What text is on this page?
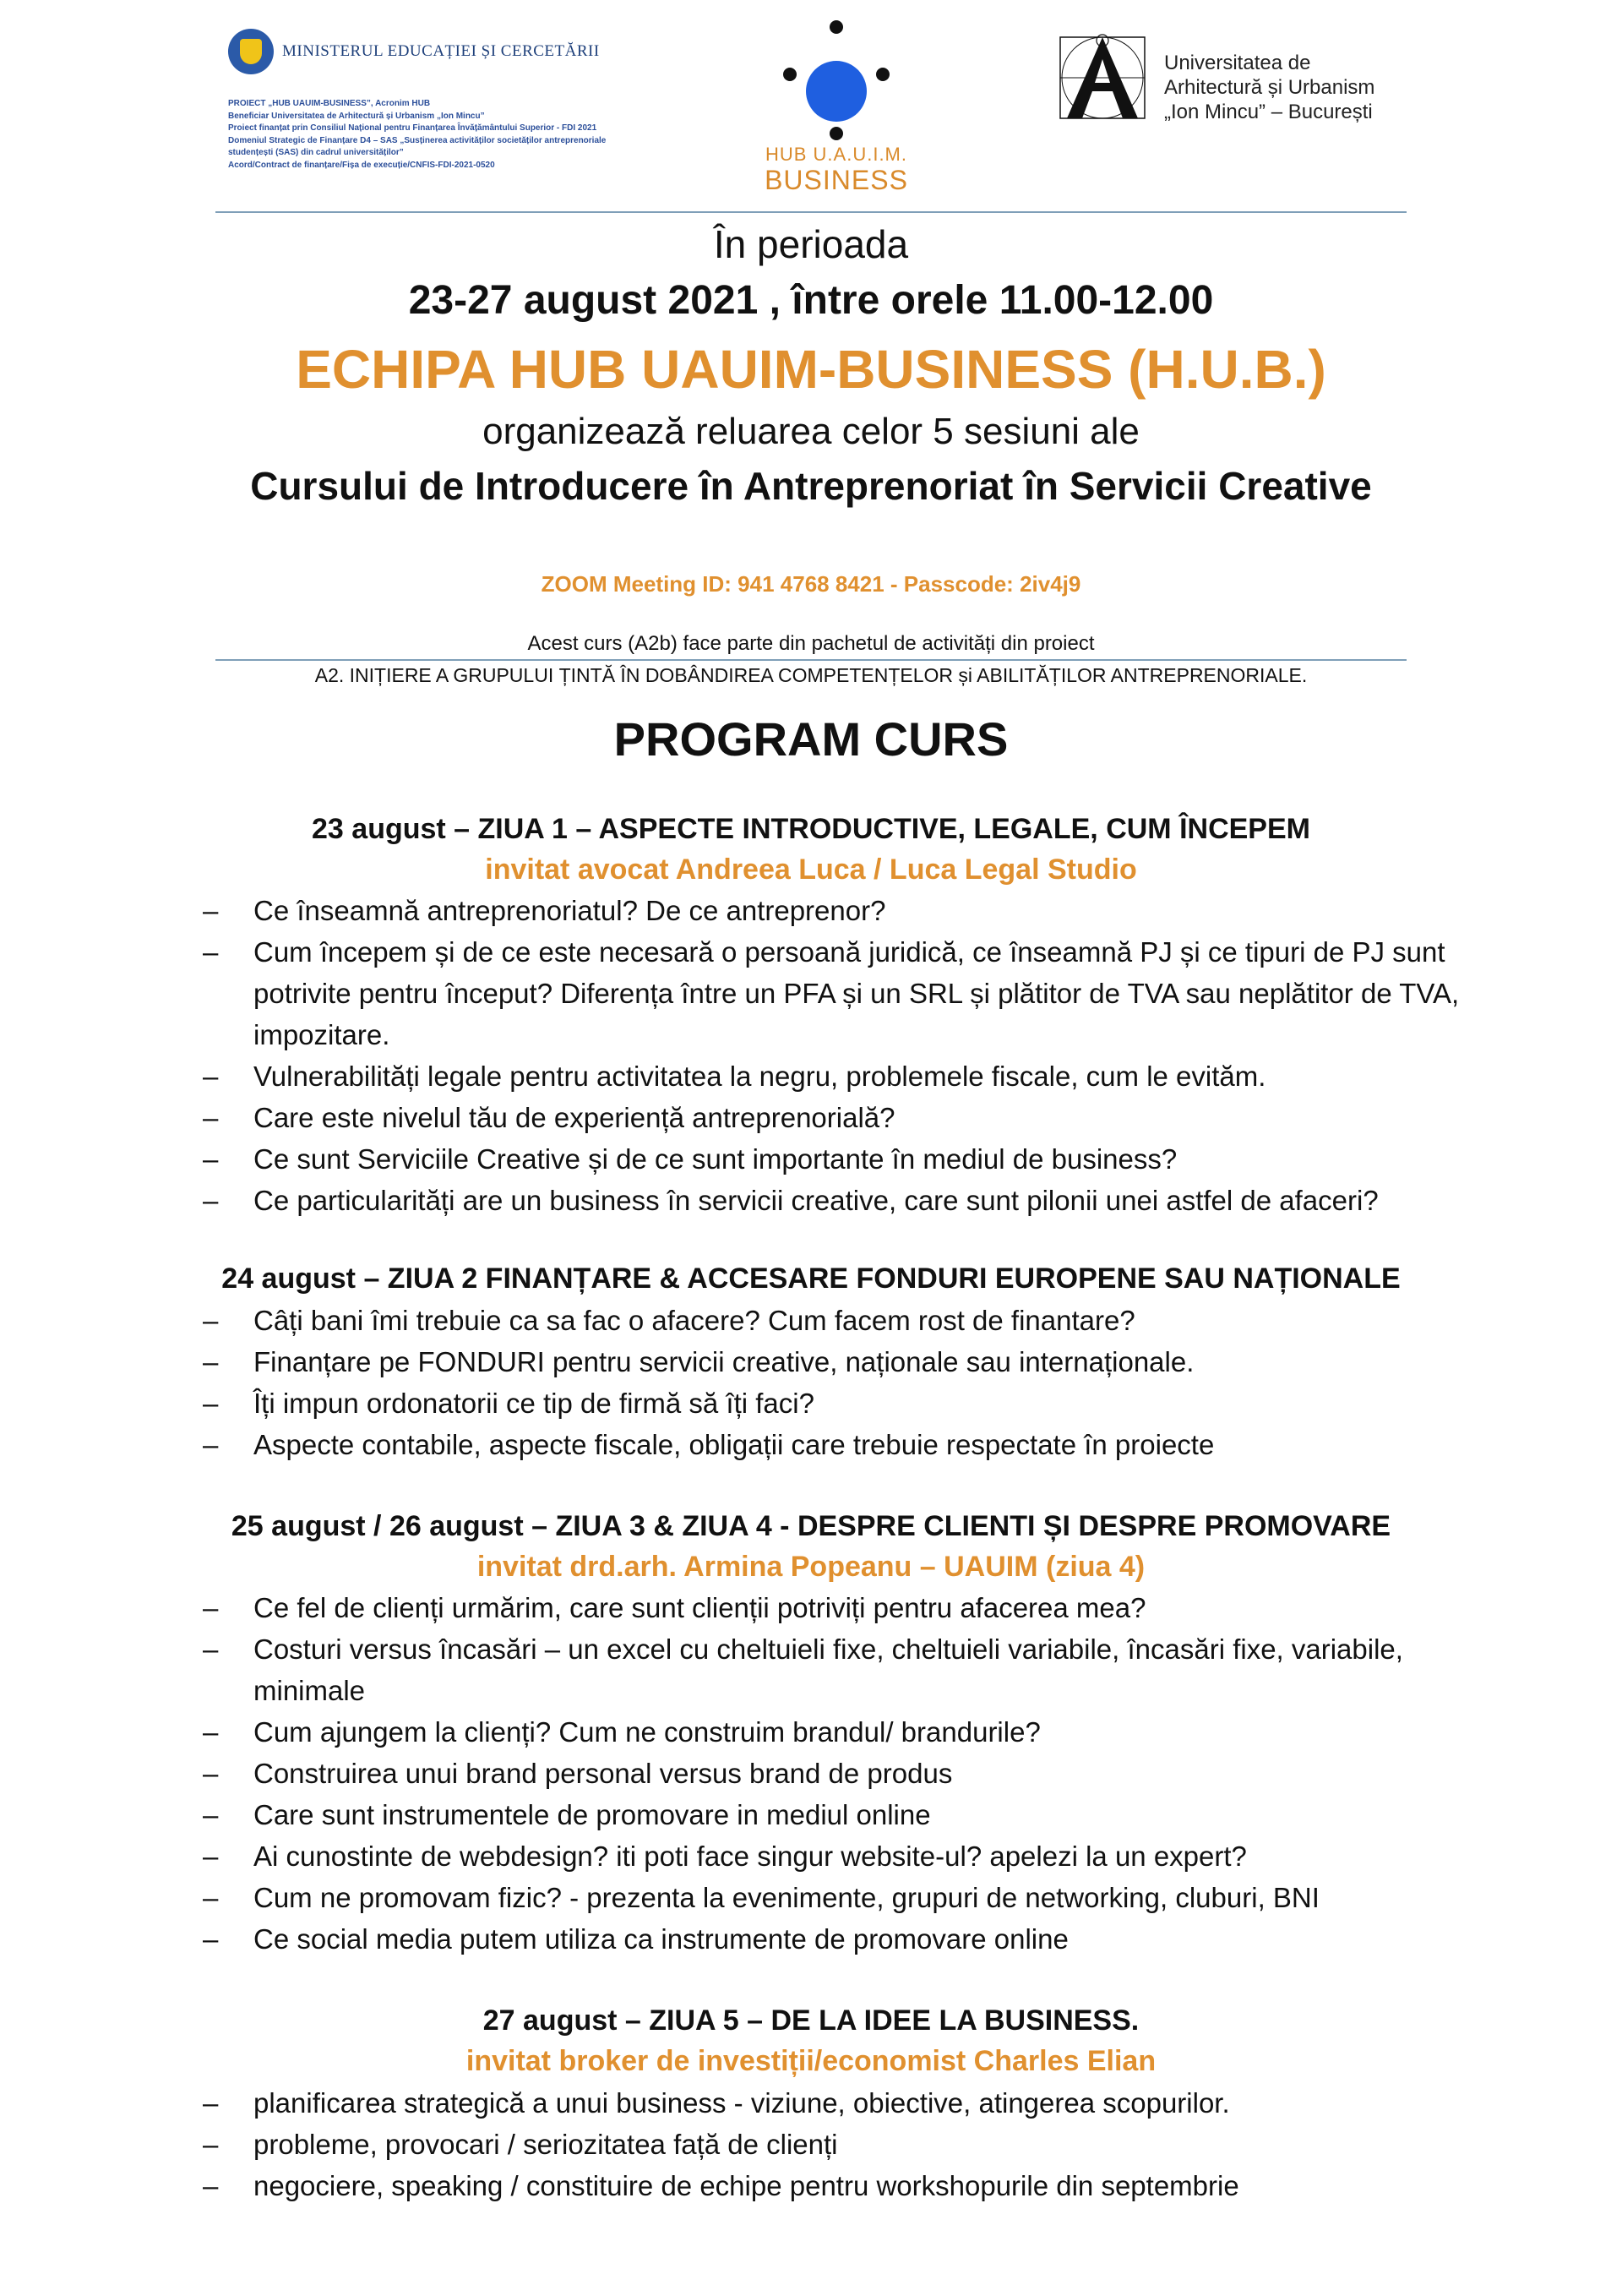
MINISTERUL EDUCAȚIEI ȘI CERCETĂRII
PROIECT „HUB UAUIM-BUSINESS”, Acronim HUB
Beneficiar Universitatea de Arhitectură și Urbanism „Ion Mincu”
Proiect finanțat prin Consiliul Național pentru Finanțarea Învățământului Superior - FDI 2021
Domeniul Strategic de Finanțare D4 – SAS „Susținerea activităților societăților antreprenoriale
studențești (SAS) din cadrul universităților”
Acord/Contract de finanțare/Fișa de execuție/CNFIS-FDI-2021-0520	HUB U.A.U.I.M.
BUSINESS
Universitatea de
Arhitectură și Urbanism
„Ion Mincu” – București
În perioada
23-27 august 2021 , între orele 11.00-12.00
ECHIPA HUB UAUIM-BUSINESS (H.U.B.)
organizează reluarea celor 5 sesiuni ale
Cursului de Introducere în Antreprenoriat în Servicii Creative
ZOOM Meeting ID: 941 4768 8421 - Passcode: 2iv4j9
Acest curs (A2b) face parte din pachetul de activități din proiect
A2. INIȚIERE A GRUPULUI ȚINTĂ ÎN DOBÂNDIREA COMPETENȚELOR și ABILITĂȚILOR ANTREPRENORIALE.
PROGRAM CURS
23 august – ZIUA 1 – ASPECTE INTRODUCTIVE, LEGALE, CUM ÎNCEPEM
invitat avocat Andreea Luca / Luca Legal Studio
– Ce înseamnă antreprenoriatul? De ce antreprenor?
– Cum începem și de ce este necesară o persoană juridică, ce înseamnă PJ și ce tipuri de PJ sunt potrivite pentru început? Diferența între un PFA și un SRL și plătitor de TVA sau neplătitor de TVA, impozitare.
– Vulnerabilități legale pentru activitatea la negru, problemele fiscale, cum le evităm.
– Care este nivelul tău de experiență antreprenorială?
– Ce sunt Serviciile Creative și de ce sunt importante în mediul de business?
– Ce particularități are un business în servicii creative, care sunt pilonii unei astfel de afaceri?
24 august – ZIUA 2 FINANȚARE & ACCESARE FONDURI EUROPENE SAU NAȚIONALE
– Câți bani îmi trebuie ca sa fac o afacere? Cum facem rost de finantare?
– Finanțare pe FONDURI pentru servicii creative, naționale sau internaționale.
– Îți impun ordonatorii ce tip de firmă să îți faci?
– Aspecte contabile, aspecte fiscale, obligații care trebuie respectate în proiecte
25 august / 26 august – ZIUA 3 & ZIUA 4 - DESPRE CLIENTI ȘI DESPRE PROMOVARE
invitat drd.arh. Armina Popeanu – UAUIM (ziua 4)
– Ce fel de clienți urmărim, care sunt clienții potriviți pentru afacerea mea?
– Costuri versus încasări – un excel cu cheltuieli fixe, cheltuieli variabile, încasări fixe, variabile, minimale
– Cum ajungem la clienți? Cum ne construim brandul/ brandurile?
– Construirea unui brand personal versus brand de produs
– Care sunt instrumentele de promovare in mediul online
– Ai cunostinte de webdesign? iti poti face singur website-ul? apelezi la un expert?
– Cum ne promovam fizic? - prezenta la evenimente, grupuri de networking, cluburi, BNI
– Ce social media putem utiliza ca instrumente de promovare online
27 august – ZIUA 5 – DE LA IDEE LA BUSINESS.
invitat broker de investiții/economist Charles Elian
– planificarea strategică a unui business - viziune, obiective, atingerea scopurilor.
– probleme, provocari / seriozitatea față de clienți
– negociere, speaking / constituire de echipe pentru workshopurile din septembrie
